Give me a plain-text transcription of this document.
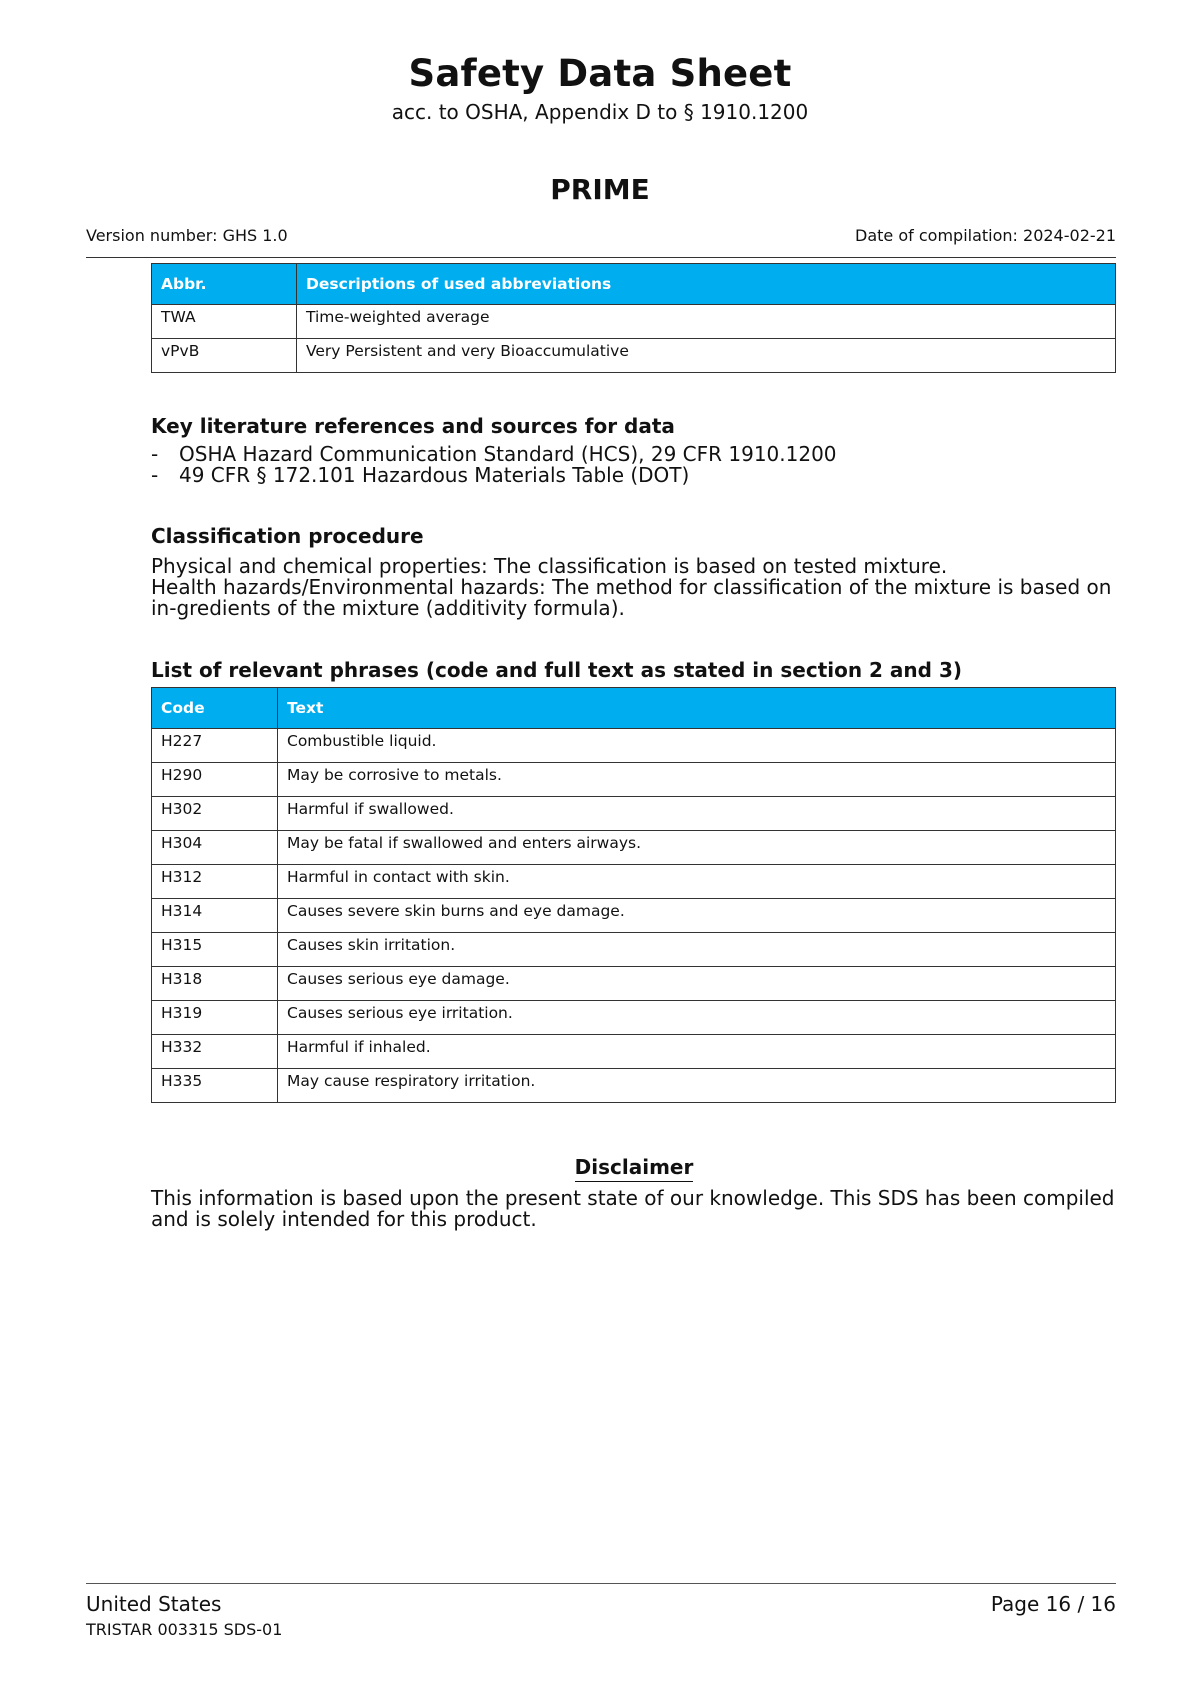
Safety Data Sheet
acc. to OSHA, Appendix D to § 1910.1200
PRIME
Version number: GHS 1.0	Date of compilation: 2024-02-21
Abbr.	Descriptions of used abbreviations
TWA	Time-weighted average
vPvB	Very Persistent and very Bioaccumulative
Key literature references and sources for data
- OSHA Hazard Communication Standard (HCS), 29 CFR 1910.1200
- 49 CFR § 172.101 Hazardous Materials Table (DOT)
Classification procedure

Physical and chemical properties: The classification is based on tested mixture.

Health hazards/Environmental hazards: The method for classification of the mixture is based on in-gredients of the mixture (additivity formula).

List of relevant phrases (code and full text as stated in section 2 and 3)
Code	Text
H227	Combustible liquid.
H290	May be corrosive to metals.
H302	Harmful if swallowed.
H304	May be fatal if swallowed and enters airways.
H312	Harmful in contact with skin.
H314	Causes severe skin burns and eye damage.
H315	Causes skin irritation.
H318	Causes serious eye damage.
H319	Causes serious eye irritation.
H332	Harmful if inhaled.
H335	May cause respiratory irritation.
Disclaimer
This information is based upon the present state of our knowledge. This SDS has been compiled and is solely intended for this product.
United States	Page 16 / 16
TRISTAR 003315 SDS-01
